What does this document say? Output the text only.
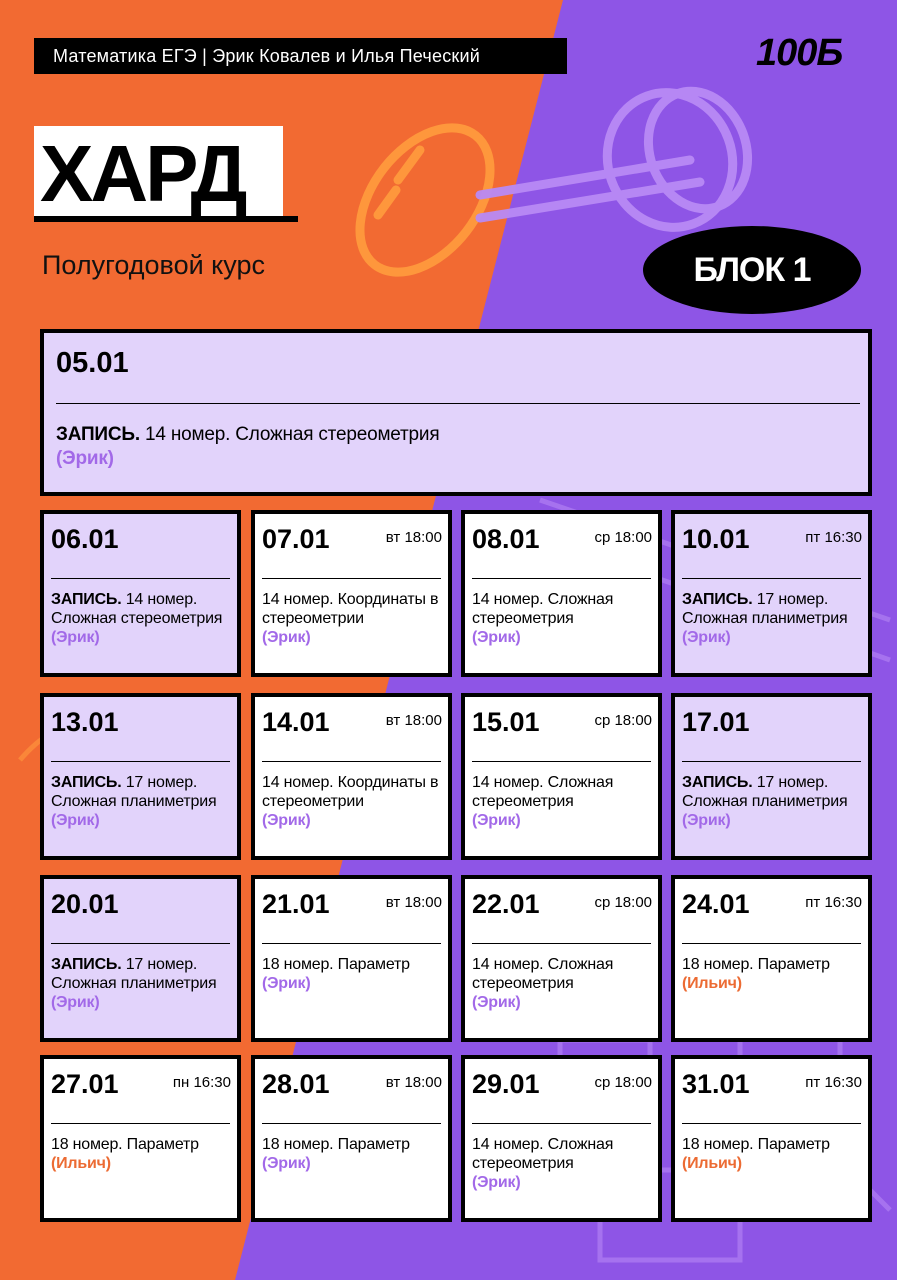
Математика ЕГЭ | Эрик Ковалев и Илья Печеский	100Б
ХАРД
Полугодовой курс	БЛОК 1
05.01
ЗАПИСЬ. 14 номер. Сложная стереометрия
(Эрик)
06.01
ЗАПИСЬ. 14 номер. Сложная стереометрия
(Эрик)
07.01	вт 18:00
14 номер. Координаты в стереометрии
(Эрик)
08.01	ср 18:00
14 номер. Сложная стереометрия
(Эрик)
10.01	пт 16:30
ЗАПИСЬ. 17 номер. Сложная планиметрия
(Эрик)
13.01
ЗАПИСЬ. 17 номер. Сложная планиметрия
(Эрик)
14.01	вт 18:00
14 номер. Координаты в стереометрии
(Эрик)
15.01	ср 18:00
14 номер. Сложная стереометрия
(Эрик)
17.01
ЗАПИСЬ. 17 номер. Сложная планиметрия
(Эрик)
20.01
ЗАПИСЬ. 17 номер. Сложная планиметрия
(Эрик)
21.01	вт 18:00
18 номер. Параметр
(Эрик)
22.01	ср 18:00
14 номер. Сложная стереометрия
(Эрик)
24.01	пт 16:30
18 номер. Параметр
(Ильич)
27.01	пн 16:30
18 номер. Параметр
(Ильич)
28.01	вт 18:00
18 номер. Параметр
(Эрик)
29.01	ср 18:00
14 номер. Сложная стереометрия
(Эрик)
31.01	пт 16:30
18 номер. Параметр
(Ильич)
